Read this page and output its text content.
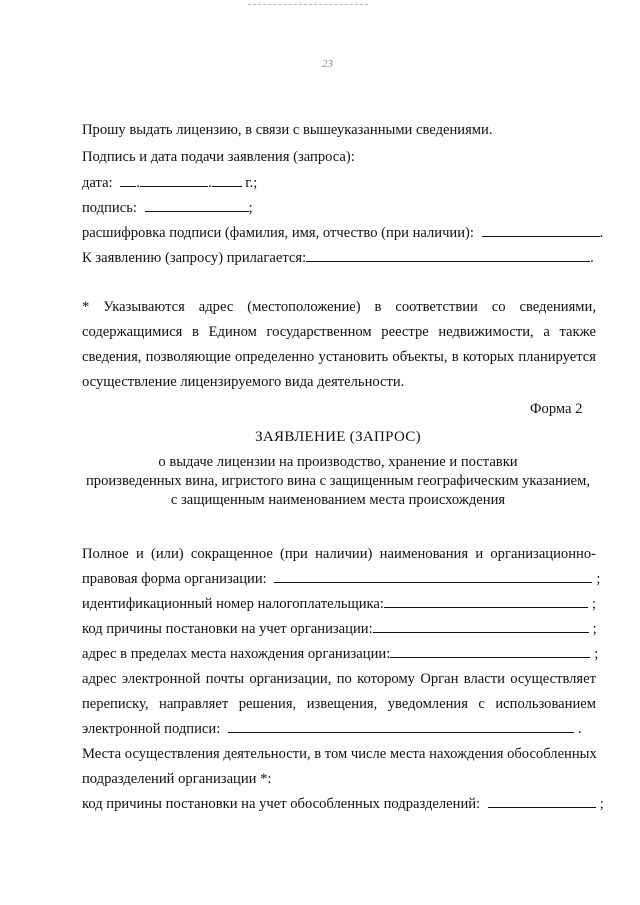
23
Прошу выдать лицензию, в связи с вышеуказанными сведениями.
Подпись и дата подачи заявления (запроса):
дата: .	. г.;
подпись:	;
расшифровка подписи (фамилия, имя, отчество (при наличии):	.
К заявлению (запросу) прилагается:	.
* Указываются адрес (местоположение) в соответствии со сведениями,
содержащимися в Едином государственном реестре недвижимости, а также
сведения, позволяющие определенно установить объекты, в которых планируется
осуществление лицензируемого вида деятельности.
Форма 2
ЗАЯВЛЕНИЕ (ЗАПРОС)
о выдаче лицензии на производство, хранение и поставки
произведенных вина, игристого вина с защищенным географическим указанием,
с защищенным наименованием места происхождения
Полное и (или) сокращенное (при наличии) наименования и организационно-
правовая форма организации:	;
идентификационный номер налогоплательщика:	;
код причины постановки на учет организации:	;
адрес в пределах места нахождения организации:	;
адрес электронной почты организации, по которому Орган власти осуществляет
переписку, направляет решения, извещения, уведомления с использованием
электронной подписи:	.
Места осуществления деятельности, в том числе места нахождения обособленных
подразделений организации *:
код причины постановки на учет обособленных подразделений:	;
